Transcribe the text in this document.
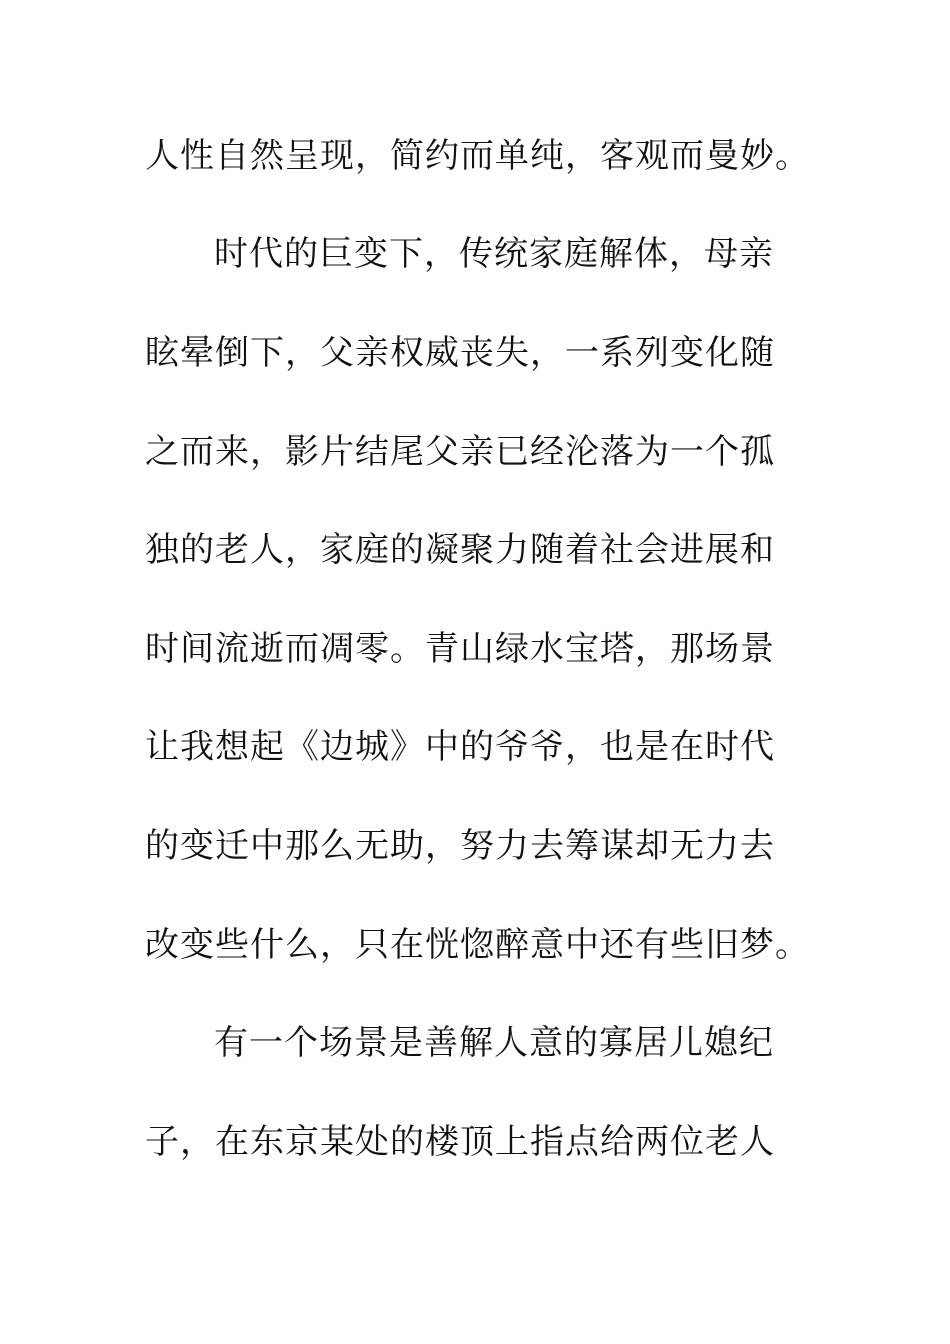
人性自然呈现，简约而单纯，客观而曼妙。
时代的巨变下，传统家庭解体，母亲
眩晕倒下，父亲权威丧失，一系列变化随
之而来，影片结尾父亲已经沦落为一个孤
独的老人，家庭的凝聚力随着社会进展和
时间流逝而凋零。青山绿水宝塔，那场景
让我想起《边城》中的爷爷，也是在时代
的变迁中那么无助，努力去筹谋却无力去
改变些什么，只在恍惚醉意中还有些旧梦。
有一个场景是善解人意的寡居儿媳纪
子，在东京某处的楼顶上指点给两位老人
